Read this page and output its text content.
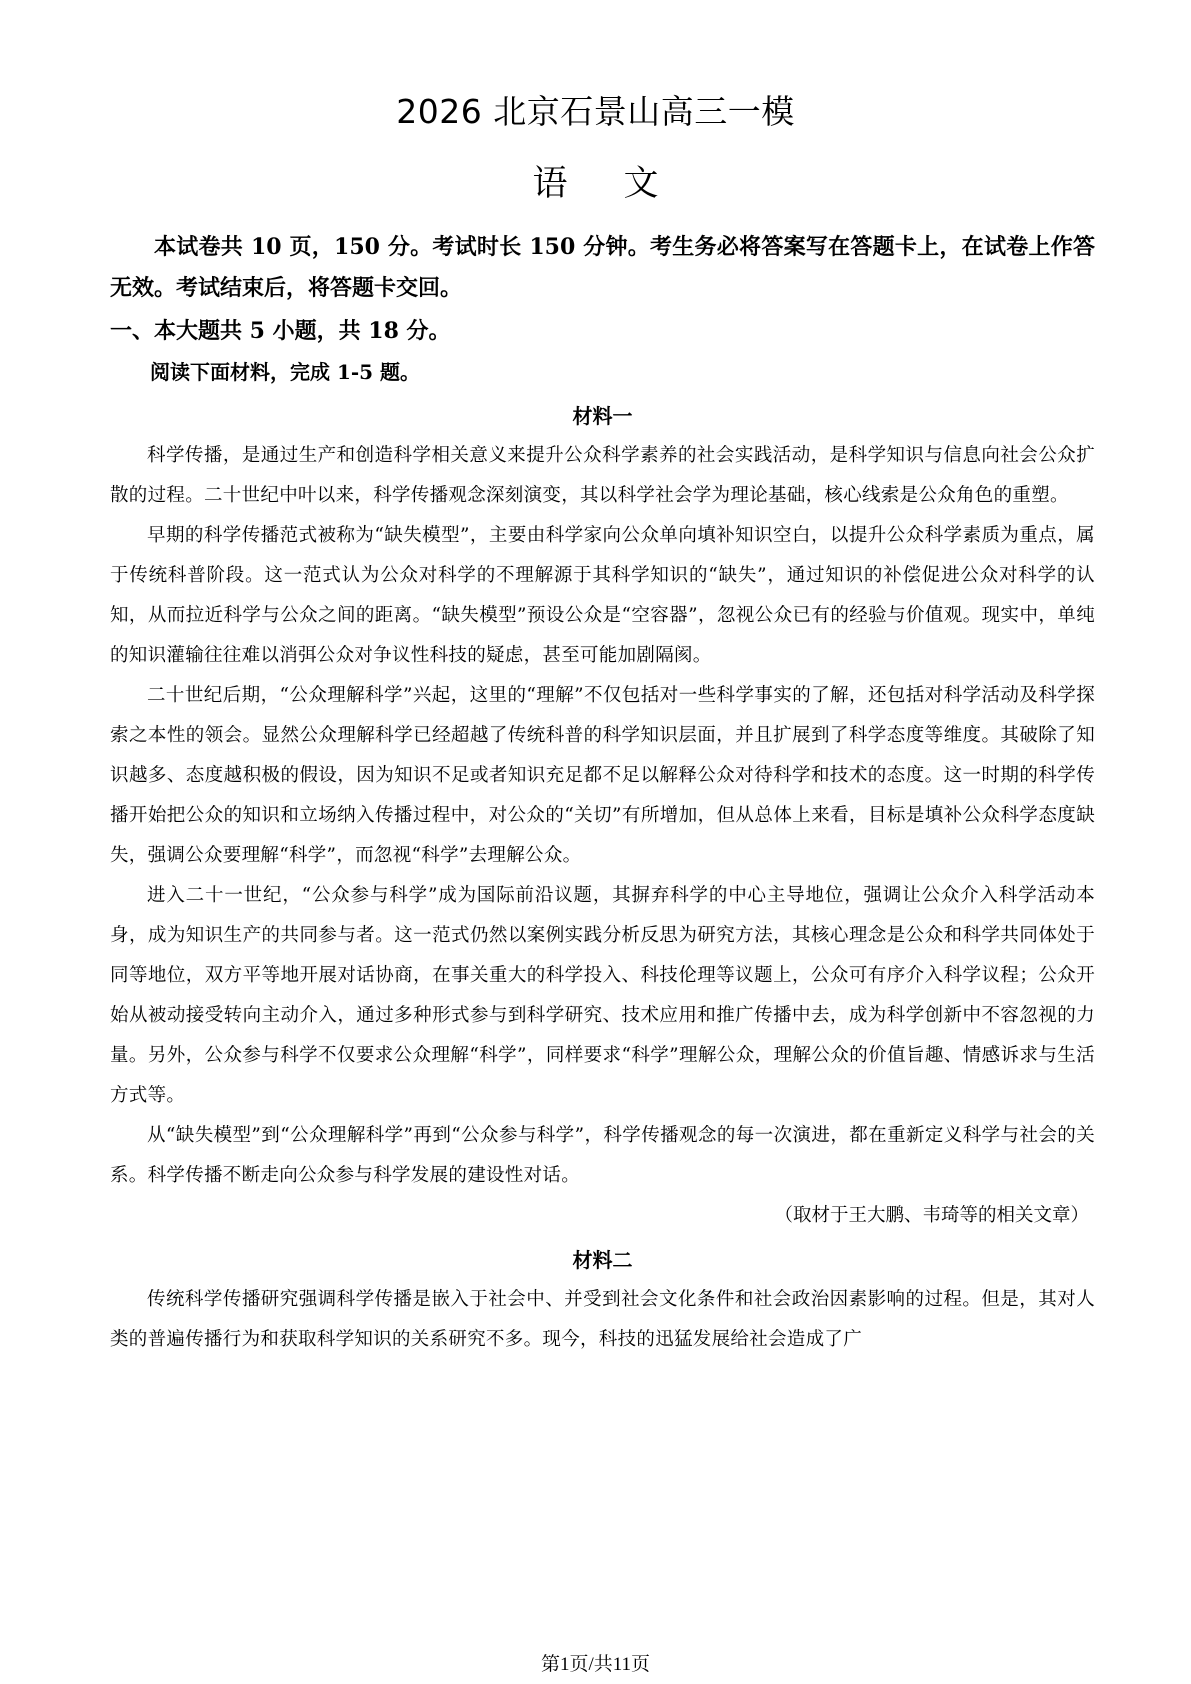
2026 北京石景山高三一模
语文

本试卷共 10 页，150 分。考试时长 150 分钟。考生务必将答案写在答题卡上，在试卷上作答无效。考试结束后，将答题卡交回。

一、本大题共 5 小题，共 18 分。

阅读下面材料，完成 1-5 题。

材料一

科学传播，是通过生产和创造科学相关意义来提升公众科学素养的社会实践活动，是科学知识与信息向社会公众扩散的过程。二十世纪中叶以来，科学传播观念深刻演变，其以科学社会学为理论基础，核心线索是公众角色的重塑。

早期的科学传播范式被称为“缺失模型”，主要由科学家向公众单向填补知识空白，以提升公众科学素质为重点，属于传统科普阶段。这一范式认为公众对科学的不理解源于其科学知识的“缺失”，通过知识的补偿促进公众对科学的认知，从而拉近科学与公众之间的距离。“缺失模型”预设公众是“空容器”，忽视公众已有的经验与价值观。现实中，单纯的知识灌输往往难以消弭公众对争议性科技的疑虑，甚至可能加剧隔阂。

二十世纪后期，“公众理解科学”兴起，这里的“理解”不仅包括对一些科学事实的了解，还包括对科学活动及科学探索之本性的领会。显然公众理解科学已经超越了传统科普的科学知识层面，并且扩展到了科学态度等维度。其破除了知识越多、态度越积极的假设，因为知识不足或者知识充足都不足以解释公众对待科学和技术的态度。这一时期的科学传播开始把公众的知识和立场纳入传播过程中，对公众的“关切”有所增加，但从总体上来看，目标是填补公众科学态度缺失，强调公众要理解“科学”，而忽视“科学”去理解公众。

进入二十一世纪，“公众参与科学”成为国际前沿议题，其摒弃科学的中心主导地位，强调让公众介入科学活动本身，成为知识生产的共同参与者。这一范式仍然以案例实践分析反思为研究方法，其核心理念是公众和科学共同体处于同等地位，双方平等地开展对话协商，在事关重大的科学投入、科技伦理等议题上，公众可有序介入科学议程；公众开始从被动接受转向主动介入，通过多种形式参与到科学研究、技术应用和推广传播中去，成为科学创新中不容忽视的力量。另外，公众参与科学不仅要求公众理解“科学”，同样要求“科学”理解公众，理解公众的价值旨趣、情感诉求与生活方式等。

从“缺失模型”到“公众理解科学”再到“公众参与科学”，科学传播观念的每一次演进，都在重新定义科学与社会的关系。科学传播不断走向公众参与科学发展的建设性对话。

（取材于王大鹏、韦琦等的相关文章）

材料二

传统科学传播研究强调科学传播是嵌入于社会中、并受到社会文化条件和社会政治因素影响的过程。但是，其对人类的普遍传播行为和获取科学知识的关系研究不多。现今，科技的迅猛发展给社会造成了广

第1页/共11页
